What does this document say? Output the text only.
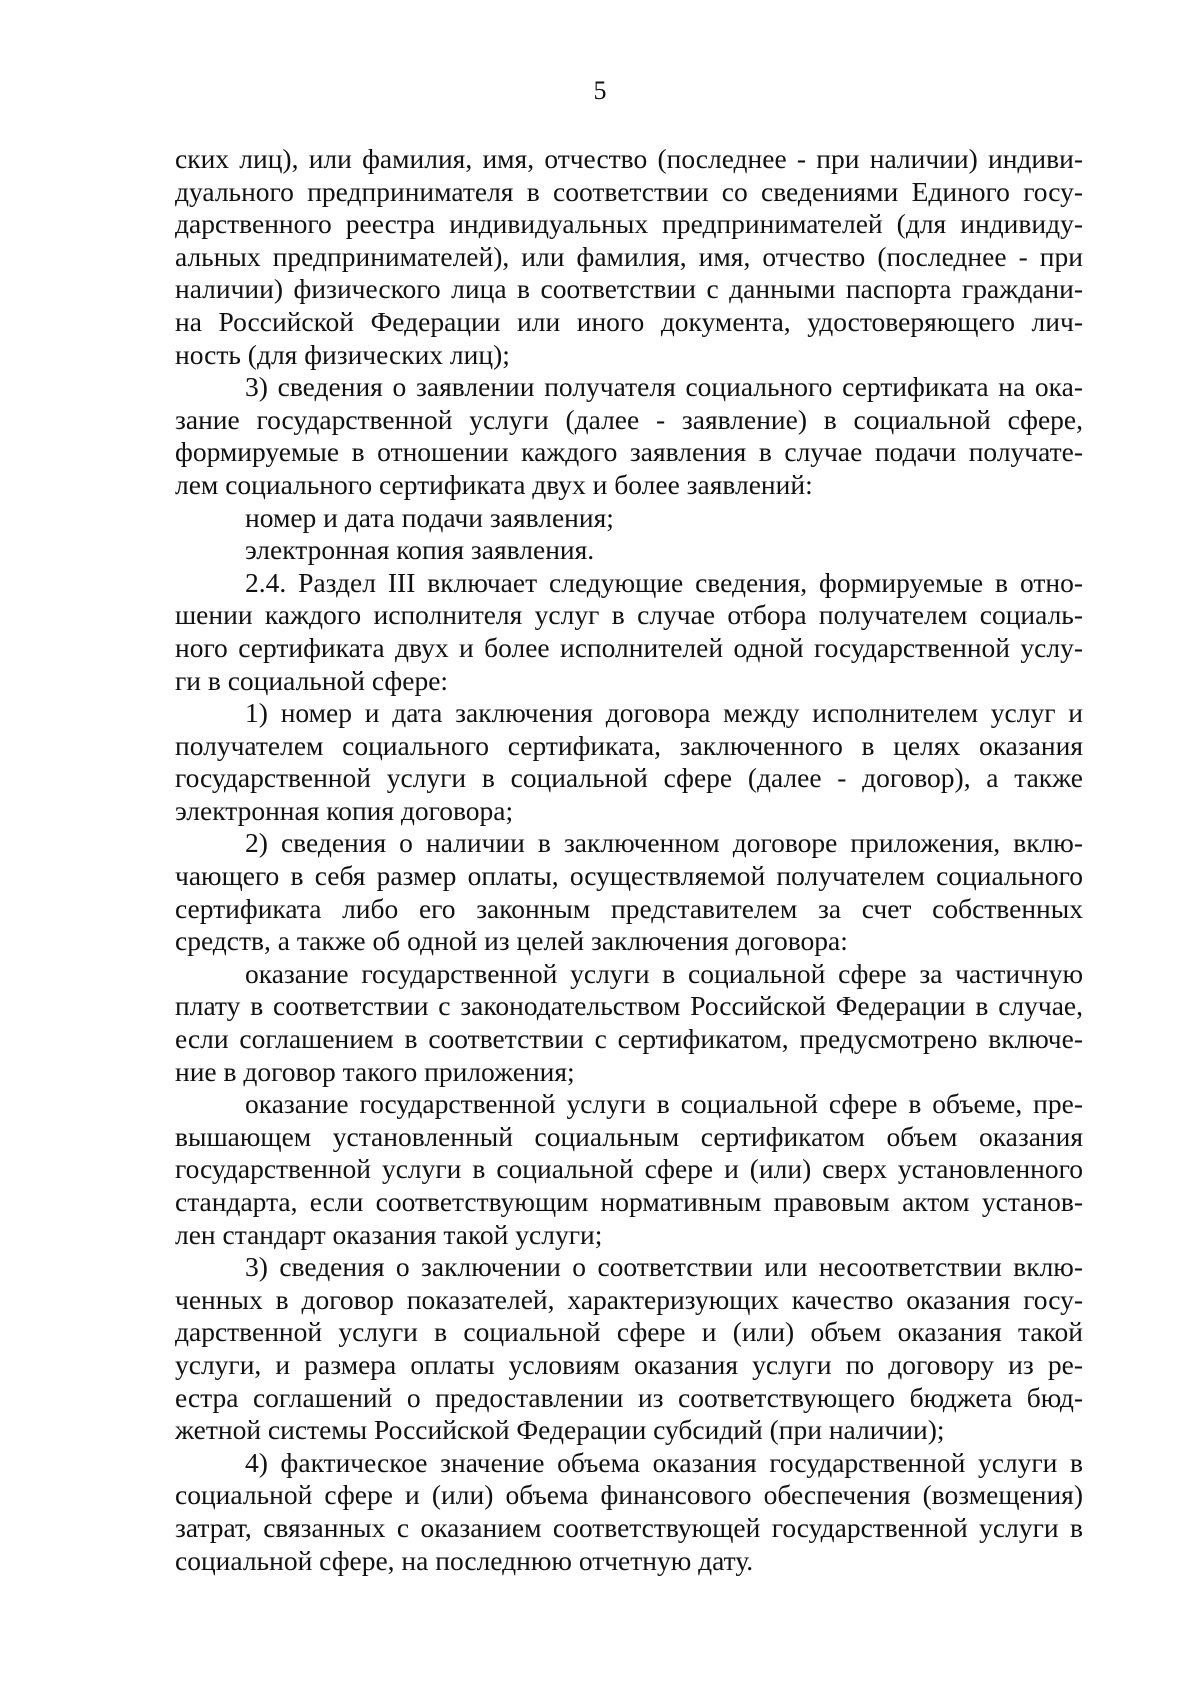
5
ских лиц), или фамилия, имя, отчество (последнее - при наличии) индиви-
дуального предпринимателя в соответствии со сведениями Единого госу-
дарственного реестра индивидуальных предпринимателей (для индивиду-
альных предпринимателей), или фамилия, имя, отчество (последнее - при
наличии) физического лица в соответствии с данными паспорта граждани-
на Российской Федерации или иного документа, удостоверяющего лич-
ность (для физических лиц);
3) сведения о заявлении получателя социального сертификата на ока-
зание государственной услуги (далее - заявление) в социальной сфере,
формируемые в отношении каждого заявления в случае подачи получате-
лем социального сертификата двух и более заявлений:
номер и дата подачи заявления;
электронная копия заявления.
2.4. Раздел III включает следующие сведения, формируемые в отно-
шении каждого исполнителя услуг в случае отбора получателем социаль-
ного сертификата двух и более исполнителей одной государственной услу-
ги в социальной сфере:
1) номер и дата заключения договора между исполнителем услуг и
получателем социального сертификата, заключенного в целях оказания
государственной услуги в социальной сфере (далее - договор), а также
электронная копия договора;
2) сведения о наличии в заключенном договоре приложения, вклю-
чающего в себя размер оплаты, осуществляемой получателем социального
сертификата либо его законным представителем за счет собственных
средств, а также об одной из целей заключения договора:
оказание государственной услуги в социальной сфере за частичную
плату в соответствии с законодательством Российской Федерации в случае,
если соглашением в соответствии с сертификатом, предусмотрено включе-
ние в договор такого приложения;
оказание государственной услуги в социальной сфере в объеме, пре-
вышающем установленный социальным сертификатом объем оказания
государственной услуги в социальной сфере и (или) сверх установленного
стандарта, если соответствующим нормативным правовым актом установ-
лен стандарт оказания такой услуги;
3) сведения о заключении о соответствии или несоответствии вклю-
ченных в договор показателей, характеризующих качество оказания госу-
дарственной услуги в социальной сфере и (или) объем оказания такой
услуги, и размера оплаты условиям оказания услуги по договору из ре-
естра соглашений о предоставлении из соответствующего бюджета бюд-
жетной системы Российской Федерации субсидий (при наличии);
4) фактическое значение объема оказания государственной услуги в
социальной сфере и (или) объема финансового обеспечения (возмещения)
затрат, связанных с оказанием соответствующей государственной услуги в
социальной сфере, на последнюю отчетную дату.
